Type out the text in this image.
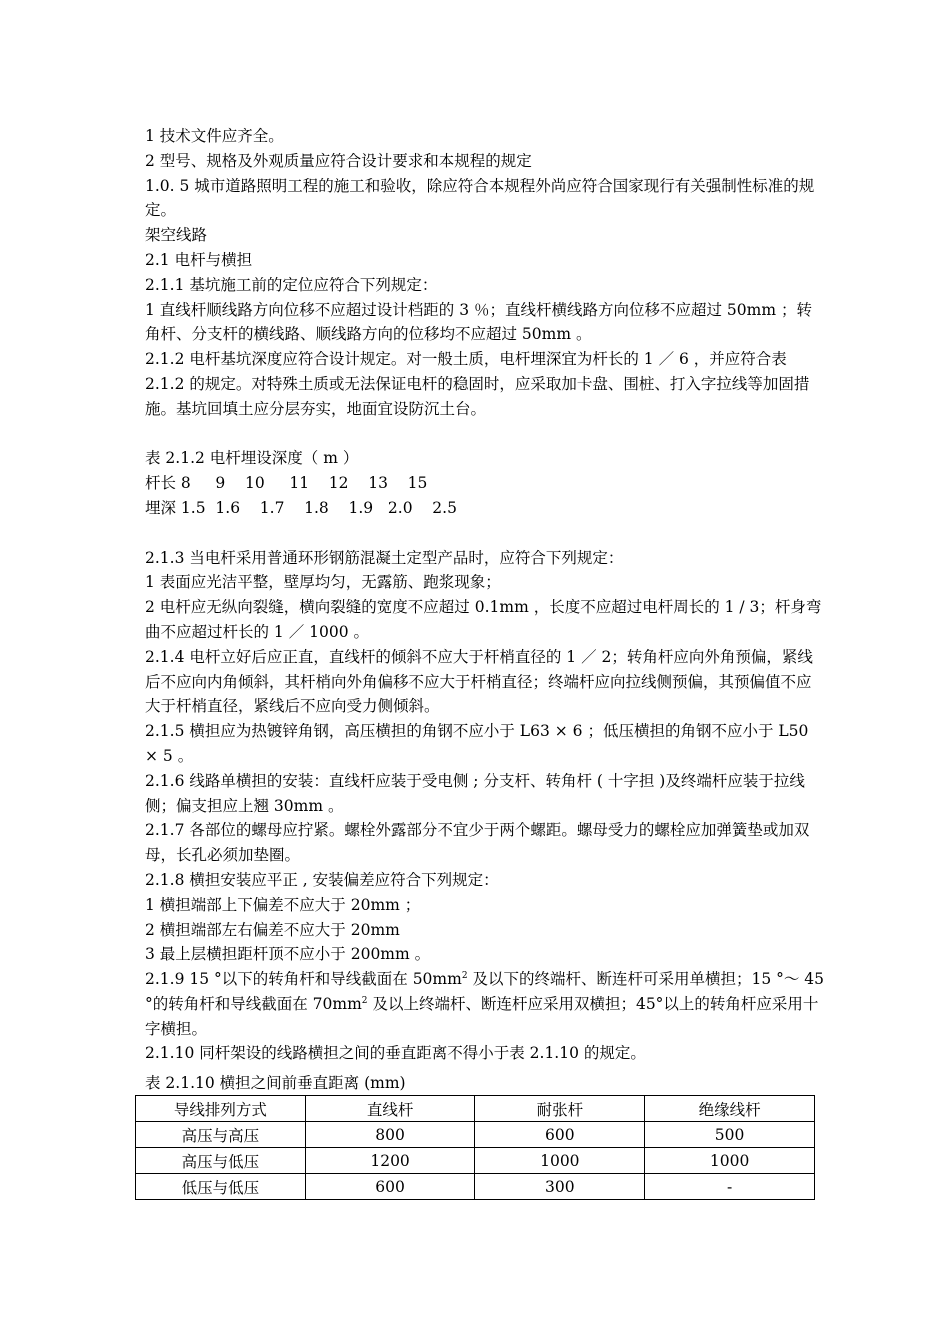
1 技术文件应齐全。

2 型号、规格及外观质量应符合设计要求和本规程的规定

1.0. 5 城市道路照明工程的施工和验收，除应符合本规程外尚应符合国家现行有关强制性标准的规定。

架空线路

2.1 电杆与横担

2.1.1 基坑施工前的定位应符合下列规定：

1 直线杆顺线路方向位移不应超过设计档距的 3 ％；直线杆横线路方向位移不应超过 50mm ；转角杆、分支杆的横线路、顺线路方向的位移均不应超过 50mm 。

2.1.2 电杆基坑深度应符合设计规定。对一般土质，电杆埋深宜为杆长的 1 ／ 6 ，并应符合表 2.1.2 的规定。对特殊土质或无法保证电杆的稳固时，应采取加卡盘、围桩、打入字拉线等加固措施。基坑回填土应分层夯实，地面宜设防沉土台。

表 2.1.2 电杆埋设深度（ m ）

杆长 8     9    10     11    12    13    15

埋深 1.5  1.6    1.7    1.8    1.9   2.0    2.5

2.1.3 当电杆采用普通环形钢筋混凝土定型产品时，应符合下列规定：

1 表面应光洁平整，壁厚均匀，无露筋、跑浆现象；

2 电杆应无纵向裂缝，横向裂缝的宽度不应超过 0.1mm ，长度不应超过电杆周长的 1 / 3；杆身弯曲不应超过杆长的 1 ／ 1000 。

2.1.4 电杆立好后应正直，直线杆的倾斜不应大于杆梢直径的 1 ／ 2；转角杆应向外角预偏，紧线后不应向内角倾斜，其杆梢向外角偏移不应大于杆梢直径；终端杆应向拉线侧预偏，其预偏值不应大于杆梢直径，紧线后不应向受力侧倾斜。

2.1.5 横担应为热镀锌角钢，高压横担的角钢不应小于 L63 × 6 ；低压横担的角钢不应小于 L50 × 5 。

2.1.6 线路单横担的安装：直线杆应装于受电侧 ; 分支杆、转角杆 ( 十字担 )及终端杆应装于拉线侧；偏支担应上翘 30mm 。

2.1.7 各部位的螺母应拧紧。螺栓外露部分不宜少于两个螺距。螺母受力的螺栓应加弹簧垫或加双母，长孔必须加垫圈。

2.1.8 横担安装应平正 , 安装偏差应符合下列规定：

1 横担端部上下偏差不应大于 20mm ；

2 横担端部左右偏差不应大于 20mm

3 最上层横担距杆顶不应小于 200mm 。

2.1.9 15 °以下的转角杆和导线截面在 $50mm^2$ 及以下的终端杆、断连杆可采用单横担；15 °～ 45 °的转角杆和导线截面在 $70mm^2$ 及以上终端杆、断连杆应采用双横担；45°以上的转角杆应采用十字横担。

2.1.10 同杆架设的线路横担之间的垂直距离不得小于表 2.1.10 的规定。

表 2.1.10 横担之间前垂直距离 (mm)
导线排列方式	直线杆	耐张杆	绝缘线杆
高压与高压	800	600	500
高压与低压	1200	1000	1000
低压与低压	600	300	-
